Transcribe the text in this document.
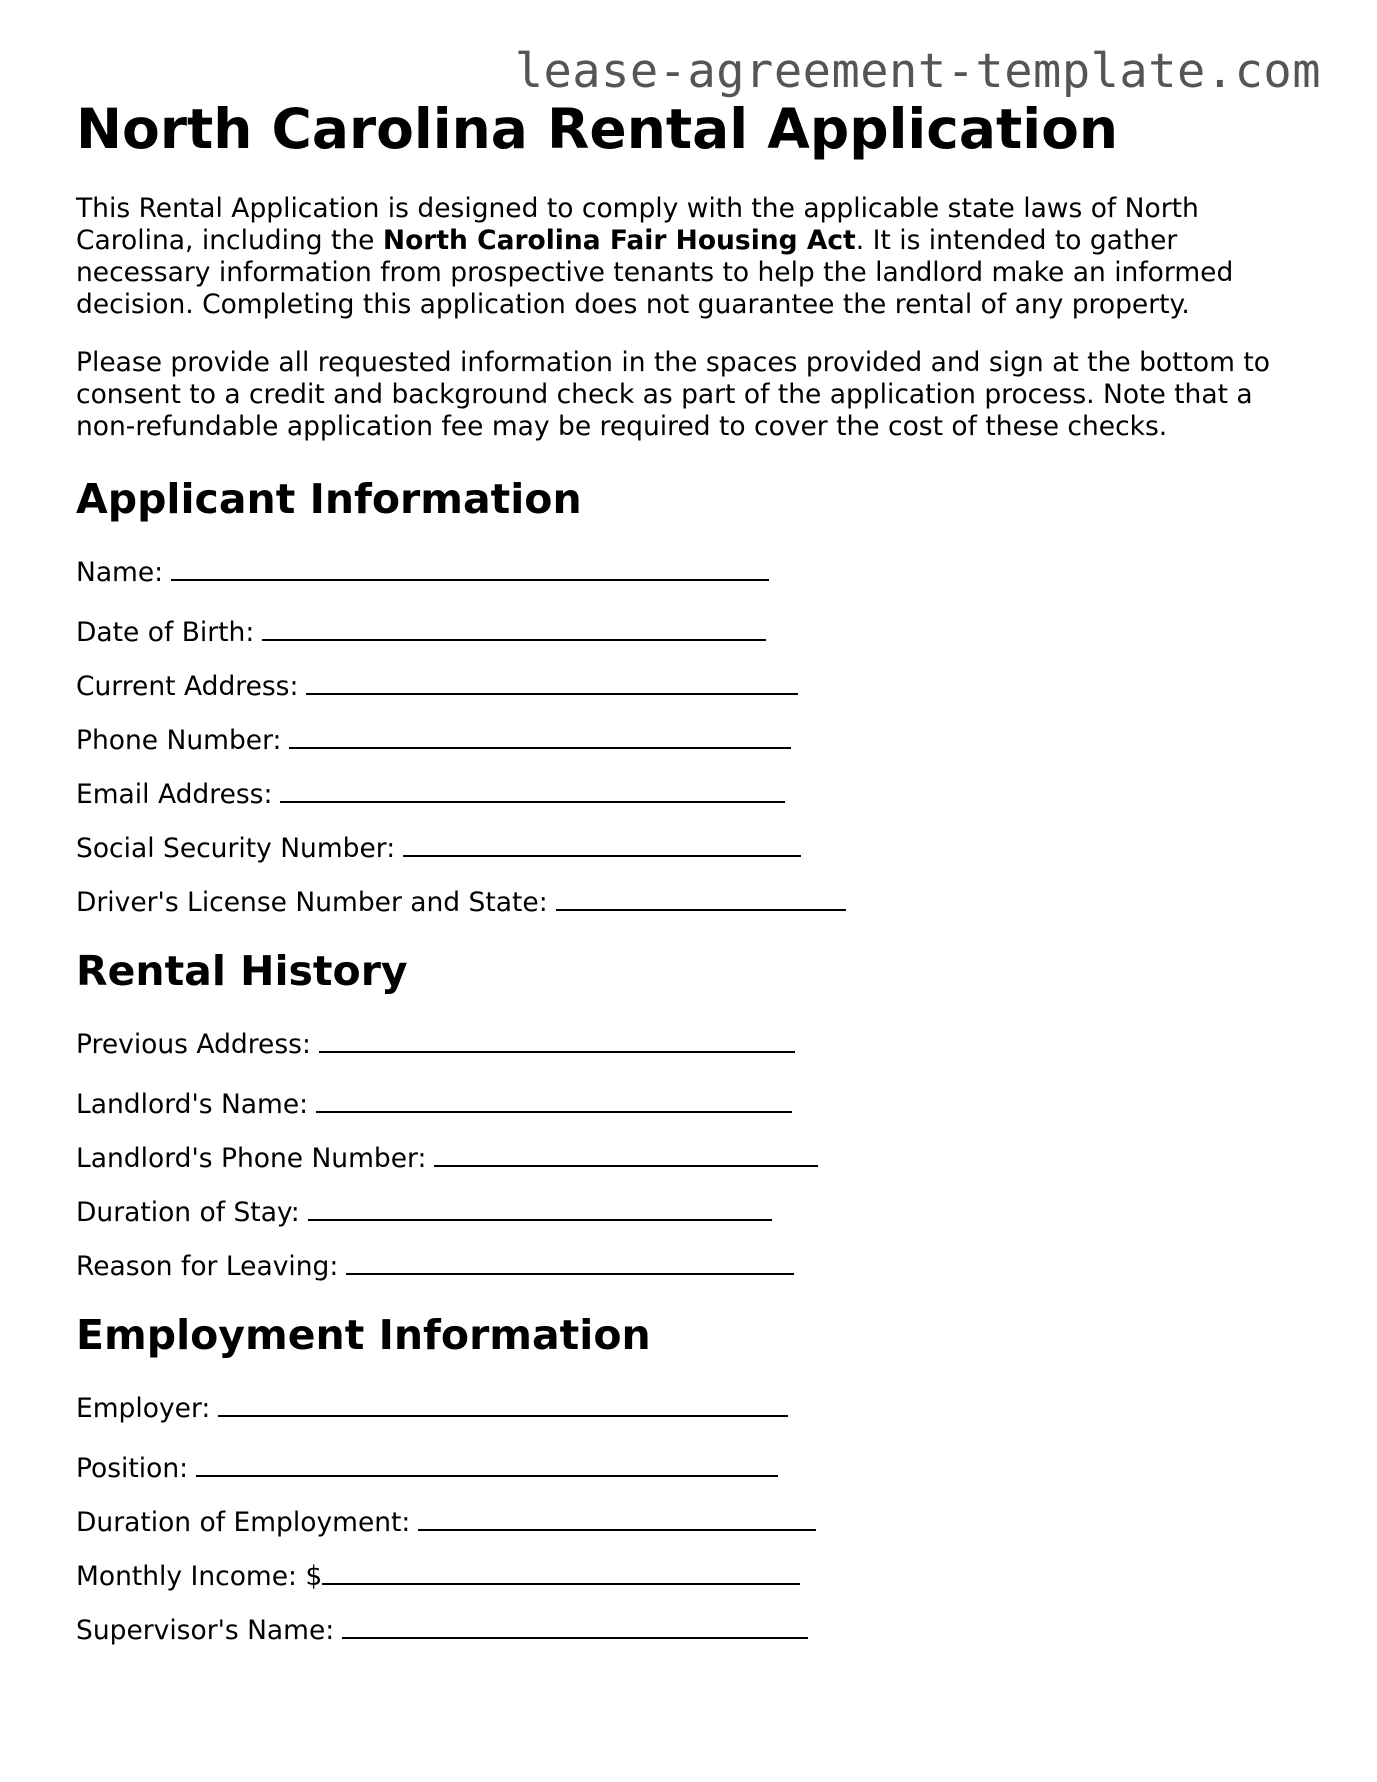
lease-agreement-template.com
North Carolina Rental Application

This Rental Application is designed to comply with the applicable state laws of North Carolina, including the North Carolina Fair Housing Act. It is intended to gather necessary information from prospective tenants to help the landlord make an informed decision. Completing this application does not guarantee the rental of any property.

Please provide all requested information in the spaces provided and sign at the bottom to consent to a credit and background check as part of the application process. Note that a non-refundable application fee may be required to cover the cost of these checks.

Applicant Information

Name:

Date of Birth:

Current Address:

Phone Number:

Email Address:

Social Security Number:

Driver's License Number and State:

Rental History

Previous Address:

Landlord's Name:

Landlord's Phone Number:

Duration of Stay:

Reason for Leaving:

Employment Information

Employer:

Position:

Duration of Employment:

Monthly Income: $

Supervisor's Name:
